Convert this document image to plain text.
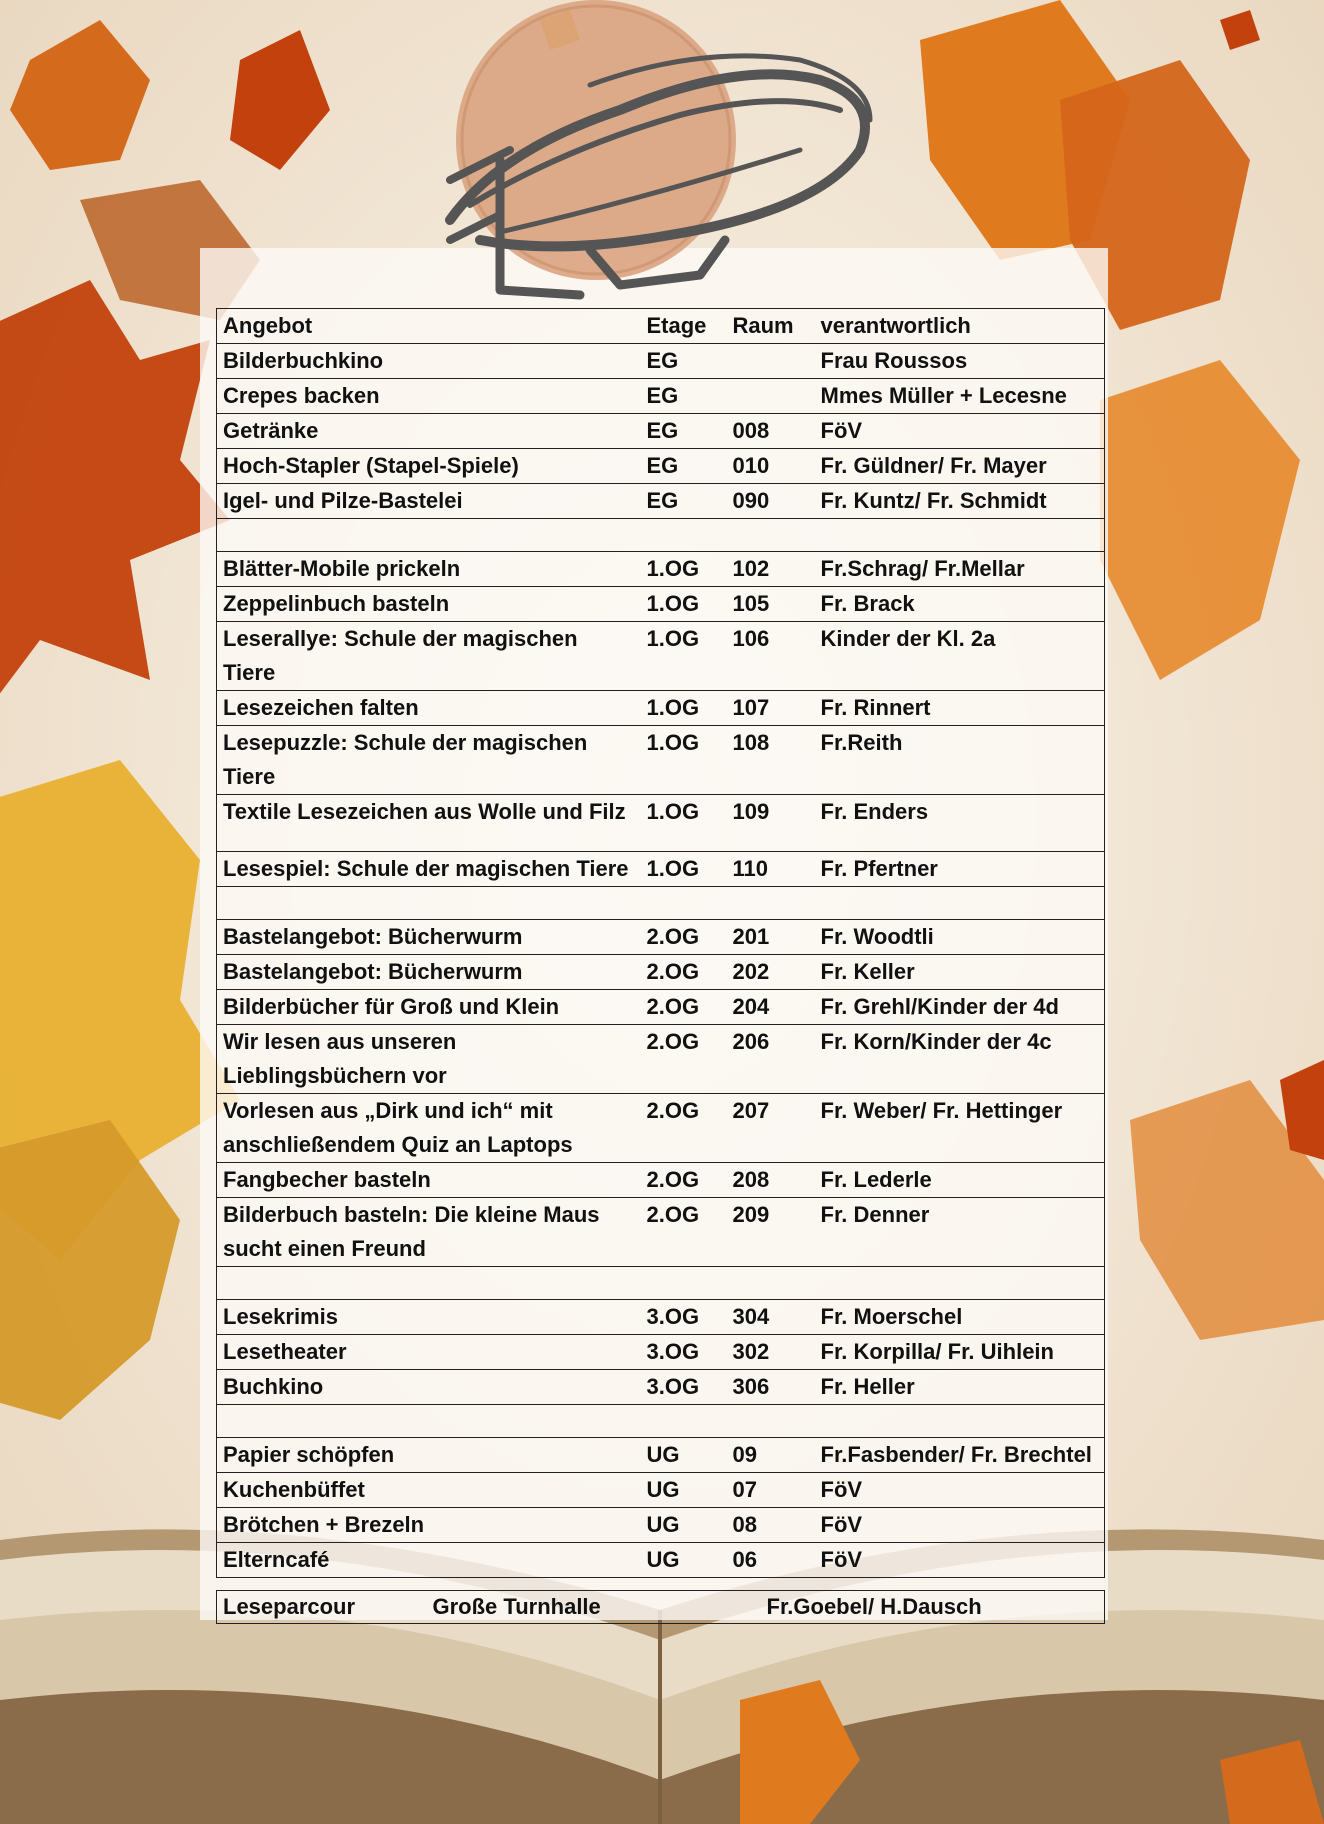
Angebot	Etage	Raum	verantwortlich
Bilderbuchkino	EG		Frau Roussos
Crepes backen	EG		Mmes Müller + Lecesne
Getränke	EG	008	FöV
Hoch-Stapler (Stapel-Spiele)	EG	010	Fr. Güldner/ Fr. Mayer
Igel- und Pilze-Bastelei	EG	090	Fr. Kuntz/ Fr. Schmidt

Blätter-Mobile prickeln	1.OG	102	Fr.Schrag/ Fr.Mellar
Zeppelinbuch basteln	1.OG	105	Fr. Brack
Leserallye: Schule der magischen Tiere	1.OG	106	Kinder der Kl. 2a
Lesezeichen falten	1.OG	107	Fr. Rinnert
Lesepuzzle: Schule der magischen Tiere	1.OG	108	Fr.Reith
Textile Lesezeichen aus Wolle und Filz	1.OG	109	Fr. Enders
Lesespiel: Schule der magischen Tiere	1.OG	110	Fr. Pfertner

Bastelangebot: Bücherwurm	2.OG	201	Fr. Woodtli
Bastelangebot: Bücherwurm	2.OG	202	Fr. Keller
Bilderbücher für Groß und Klein	2.OG	204	Fr. Grehl/Kinder der 4d
Wir lesen aus unseren Lieblingsbüchern vor	2.OG	206	Fr. Korn/Kinder der 4c
Vorlesen aus „Dirk und ich“ mit anschließendem Quiz an Laptops	2.OG	207	Fr. Weber/ Fr. Hettinger
Fangbecher basteln	2.OG	208	Fr. Lederle
Bilderbuch basteln: Die kleine Maus sucht einen Freund	2.OG	209	Fr. Denner

Lesekrimis	3.OG	304	Fr. Moerschel
Lesetheater	3.OG	302	Fr. Korpilla/ Fr. Uihlein
Buchkino	3.OG	306	Fr. Heller

Papier schöpfen	UG	09	Fr.Fasbender/ Fr. Brechtel
Kuchenbüffet	UG	07	FöV
Brötchen + Brezeln	UG	08	FöV
Elterncafé	UG	06	FöV
Leseparcour	Große Turnhalle	Fr.Goebel/ H.Dausch
